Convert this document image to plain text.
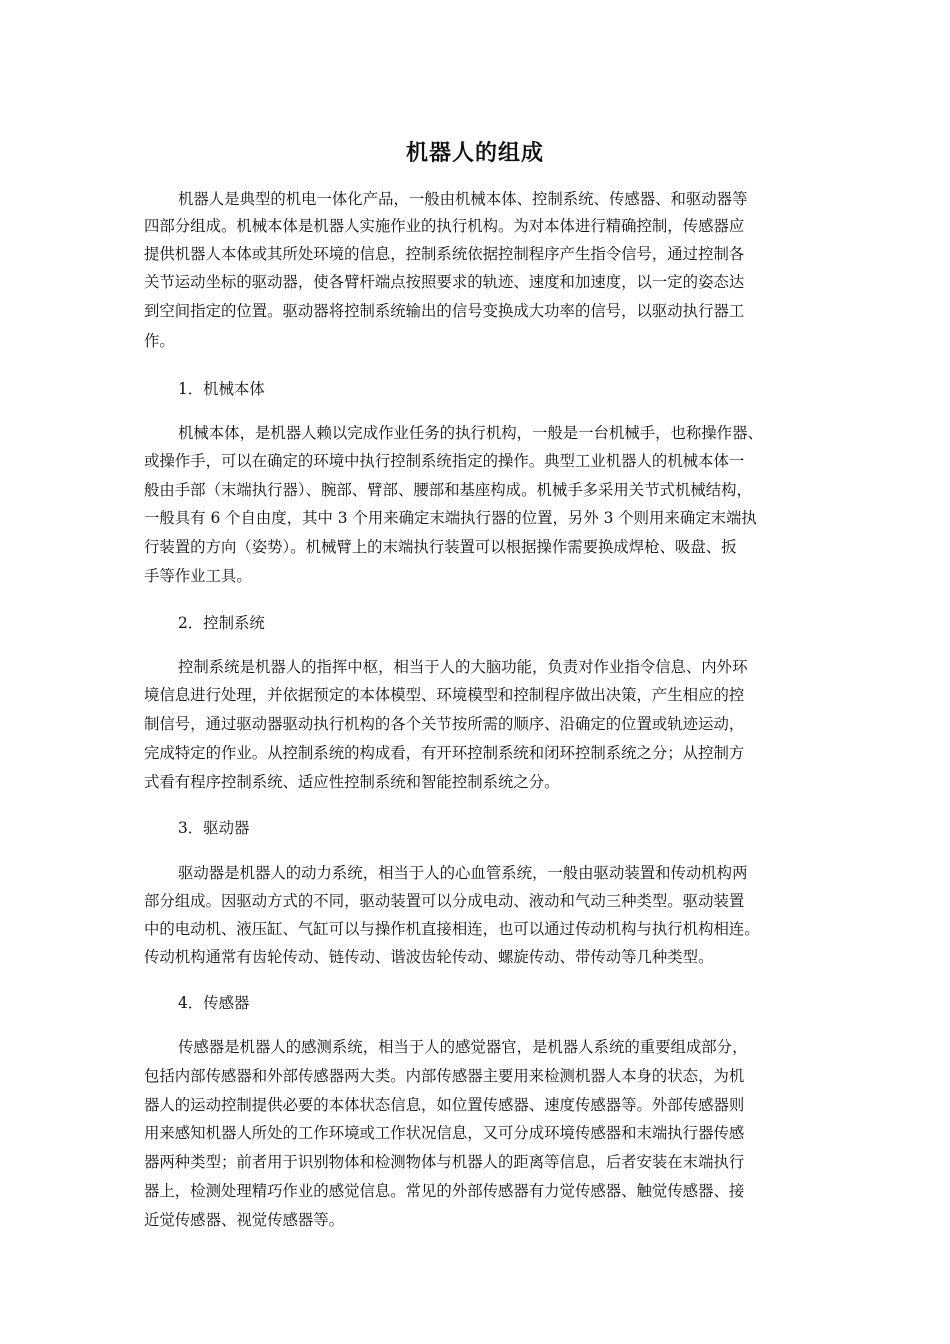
机器人的组成
机器人是典型的机电一体化产品，一般由机械本体、控制系统、传感器、和驱动器等
四部分组成。机械本体是机器人实施作业的执行机构。为对本体进行精确控制，传感器应
提供机器人本体或其所处环境的信息，控制系统依据控制程序产生指令信号，通过控制各
关节运动坐标的驱动器，使各臂杆端点按照要求的轨迹、速度和加速度，以一定的姿态达
到空间指定的位置。驱动器将控制系统输出的信号变换成大功率的信号，以驱动执行器工
作。
1．机械本体
机械本体，是机器人赖以完成作业任务的执行机构，一般是一台机械手，也称操作器、
或操作手，可以在确定的环境中执行控制系统指定的操作。典型工业机器人的机械本体一
般由手部（末端执行器）、腕部、臂部、腰部和基座构成。机械手多采用关节式机械结构，
一般具有 6 个自由度，其中 3 个用来确定末端执行器的位置，另外 3 个则用来确定末端执
行装置的方向（姿势）。机械臂上的末端执行装置可以根据操作需要换成焊枪、吸盘、扳
手等作业工具。
2．控制系统
控制系统是机器人的指挥中枢，相当于人的大脑功能，负责对作业指令信息、内外环
境信息进行处理，并依据预定的本体模型、环境模型和控制程序做出决策，产生相应的控
制信号，通过驱动器驱动执行机构的各个关节按所需的顺序、沿确定的位置或轨迹运动，
完成特定的作业。从控制系统的构成看，有开环控制系统和闭环控制系统之分；从控制方
式看有程序控制系统、适应性控制系统和智能控制系统之分。
3．驱动器
驱动器是机器人的动力系统，相当于人的心血管系统，一般由驱动装置和传动机构两
部分组成。因驱动方式的不同，驱动装置可以分成电动、液动和气动三种类型。驱动装置
中的电动机、液压缸、气缸可以与操作机直接相连，也可以通过传动机构与执行机构相连。
传动机构通常有齿轮传动、链传动、谐波齿轮传动、螺旋传动、带传动等几种类型。
4．传感器
传感器是机器人的感测系统，相当于人的感觉器官，是机器人系统的重要组成部分，
包括内部传感器和外部传感器两大类。内部传感器主要用来检测机器人本身的状态，为机
器人的运动控制提供必要的本体状态信息，如位置传感器、速度传感器等。外部传感器则
用来感知机器人所处的工作环境或工作状况信息，又可分成环境传感器和末端执行器传感
器两种类型；前者用于识别物体和检测物体与机器人的距离等信息，后者安装在末端执行
器上，检测处理精巧作业的感觉信息。常见的外部传感器有力觉传感器、触觉传感器、接
近觉传感器、视觉传感器等。
